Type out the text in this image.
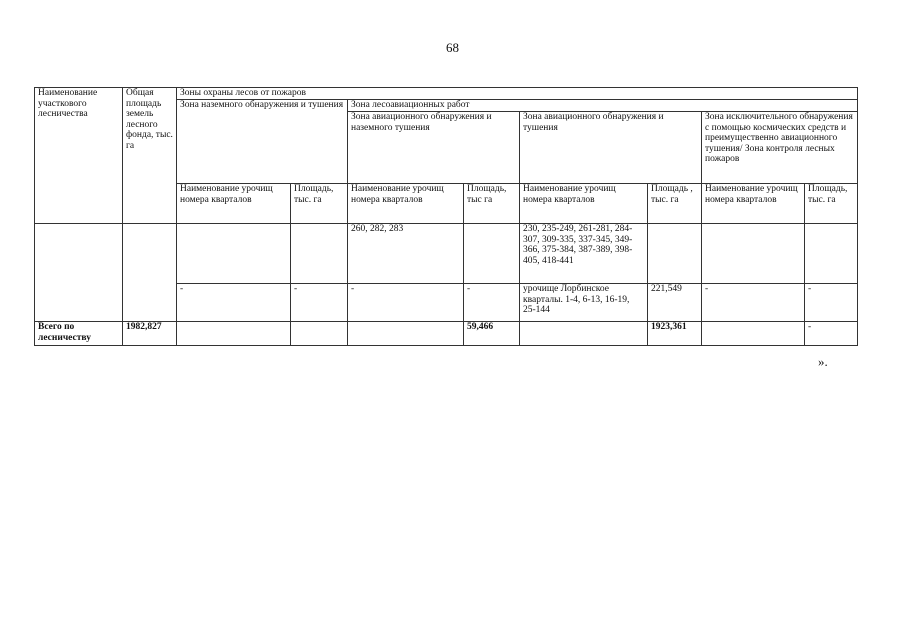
68
Наименование участкового лесничества	Общая площадь земель лесного фонда, тыс. га	Зоны охраны лесов от пожаров							
		Зона наземного обнаружения и тушения		Зона лесоавиационных работ					
				Зона авиационного обнаружения и наземного тушения		Зона авиационного обнаружения и тушения		Зона исключительного обнаружения с помощью космических средств и преимущественно авиационного тушения/ Зона контроля лесных пожаров	
		Наименование урочищ номера кварталов	Площадь, тыс. га	Наименование урочищ номера кварталов	Площадь, тыс га	Наименование урочищ номера кварталов	Площадь , тыс. га	Наименование урочищ номера кварталов	Площадь, тыс. га
				260, 282, 283		230, 235-249, 261-281, 284-307, 309-335, 337-345, 349-366, 375-384, 387-389, 398-405, 418-441			
		-	-	-	-	урочище Лорбинское кварталы. 1-4, 6-13, 16-19, 25-144	221,549	-	-
Всего по лесничеству	1982,827				59,466		1923,361		-
».
